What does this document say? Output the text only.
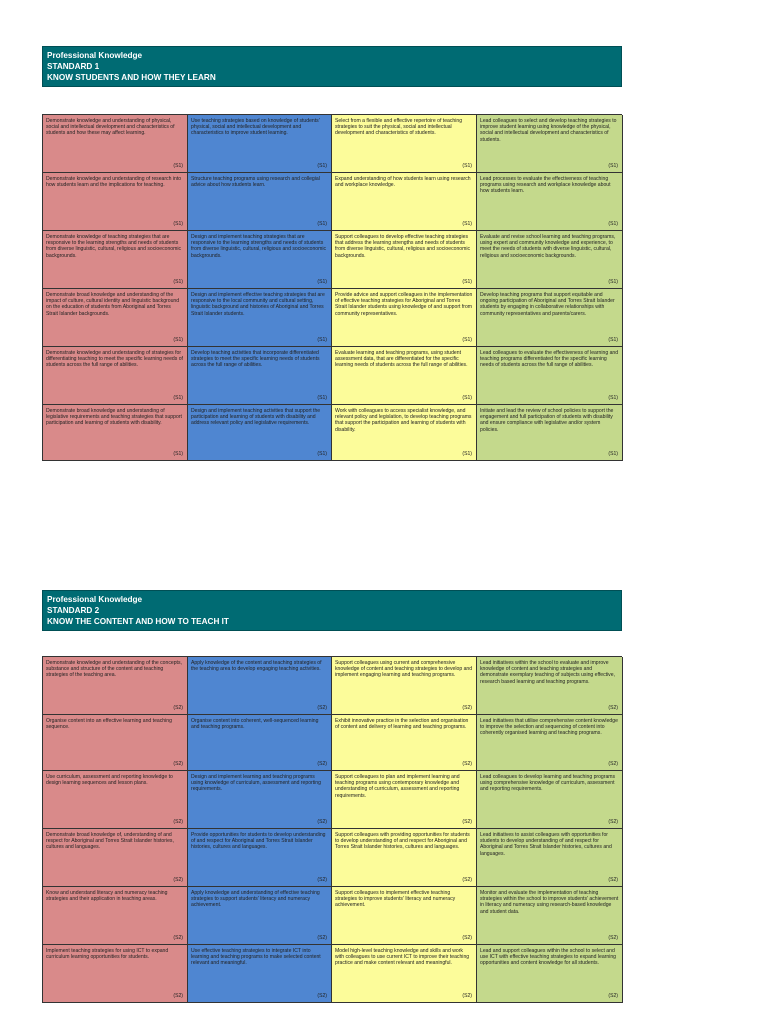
Professional Knowledge
STANDARD 1
KNOW STUDENTS AND HOW THEY LEARN
Demonstrate knowledge and understanding of physical, social and intellectual development and characteristics of students and how these may affect learning.
(S1)
Use teaching strategies based on knowledge of students' physical, social and intellectual development and characteristics to improve student learning.
(S1)
Select from a flexible and effective repertoire of teaching strategies to suit the physical, social and intellectual development and characteristics of students.
(S1)
Lead colleagues to select and develop teaching strategies to improve student learning using knowledge of the physical, social and intellectual development and characteristics of students.
(S1)
Demonstrate knowledge and understanding of research into how students learn and the implications for teaching.
(S1)
Structure teaching programs using research and collegial advice about how students learn.
(S1)
Expand understanding of how students learn using research and workplace knowledge.
(S1)
Lead processes to evaluate the effectiveness of teaching programs using research and workplace knowledge about how students learn.
(S1)
Demonstrate knowledge of teaching strategies that are responsive to the learning strengths and needs of students from diverse linguistic, cultural, religious and socioeconomic backgrounds.
(S1)
Design and implement teaching strategies that are responsive to the learning strengths and needs of students from diverse linguistic, cultural, religious and socioeconomic backgrounds.
(S1)
Support colleagues to develop effective teaching strategies that address the learning strengths and needs of students from diverse linguistic, cultural, religious and socioeconomic backgrounds.
(S1)
Evaluate and revise school learning and teaching programs, using expert and community knowledge and experience, to meet the needs of students with diverse linguistic, cultural, religious and socioeconomic backgrounds.
(S1)
Demonstrate broad knowledge and understanding of the impact of culture, cultural identity and linguistic background on the education of students from Aboriginal and Torres Strait Islander backgrounds.
(S1)
Design and implement effective teaching strategies that are responsive to the local community and cultural setting, linguistic background and histories of Aboriginal and Torres Strait Islander students.
(S1)
Provide advice and support colleagues in the implementation of effective teaching strategies for Aboriginal and Torres Strait Islander students using knowledge of and support from community representatives.
(S1)
Develop teaching programs that support equitable and ongoing participation of Aboriginal and Torres Strait Islander students by engaging in collaborative relationships with community representatives and parents/carers.
(S1)
Demonstrate knowledge and understanding of strategies for differentiating teaching to meet the specific learning needs of students across the full range of abilities.
(S1)
Develop teaching activities that incorporate differentiated strategies to meet the specific learning needs of students across the full range of abilities.
(S1)
Evaluate learning and teaching programs, using student assessment data, that are differentiated for the specific learning needs of students across the full range of abilities.
(S1)
Lead colleagues to evaluate the effectiveness of learning and teaching programs differentiated for the specific learning needs of students across the full range of abilities.
(S1)
Demonstrate broad knowledge and understanding of legislative requirements and teaching strategies that support participation and learning of students with disability.
(S1)
Design and implement teaching activities that support the participation and learning of students with disability and address relevant policy and legislative requirements.
(S1)
Work with colleagues to access specialist knowledge, and relevant policy and legislation, to develop teaching programs that support the participation and learning of students with disability.
(S1)
Initiate and lead the review of school policies to support the engagement and full participation of students with disability and ensure compliance with legislative and/or system policies.
(S1)
Professional Knowledge
STANDARD 2
KNOW THE CONTENT AND HOW TO TEACH IT
Demonstrate knowledge and understanding of the concepts, substance and structure of the content and teaching strategies of the teaching area.
(S2)
Apply knowledge of the content and teaching strategies of the teaching area to develop engaging teaching activities.
(S2)
Support colleagues using current and comprehensive knowledge of content and teaching strategies to develop and implement engaging learning and teaching programs.
(S2)
Lead initiatives within the school to evaluate and improve knowledge of content and teaching strategies and demonstrate exemplary teaching of subjects using effective, research based learning and teaching programs.
(S2)
Organise content into an effective learning and teaching sequence.
(S2)
Organise content into coherent, well-sequenced learning and teaching programs.
(S2)
Exhibit innovative practice in the selection and organisation of content and delivery of learning and teaching programs.
(S2)
Lead initiatives that utilise comprehensive content knowledge to improve the selection and sequencing of content into coherently organised learning and teaching programs.
(S2)
Use curriculum, assessment and reporting knowledge to design learning sequences and lesson plans.
(S2)
Design and implement learning and teaching programs using knowledge of curriculum, assessment and reporting requirements.
(S2)
Support colleagues to plan and implement learning and teaching programs using contemporary knowledge and understanding of curriculum, assessment and reporting requirements.
(S2)
Lead colleagues to develop learning and teaching programs using comprehensive knowledge of curriculum, assessment and reporting requirements.
(S2)
Demonstrate broad knowledge of, understanding of and respect for Aboriginal and Torres Strait Islander histories, cultures and languages.
(S2)
Provide opportunities for students to develop understanding of and respect for Aboriginal and Torres Strait Islander histories, cultures and languages.
(S2)
Support colleagues with providing opportunities for students to develop understanding of and respect for Aboriginal and Torres Strait Islander histories, cultures and languages.
(S2)
Lead initiatives to assist colleagues with opportunities for students to develop understanding of and respect for Aboriginal and Torres Strait Islander histories, cultures and languages.
(S2)
Know and understand literacy and numeracy teaching strategies and their application in teaching areas.
(S2)
Apply knowledge and understanding of effective teaching strategies to support students' literacy and numeracy achievement.
(S2)
Support colleagues to implement effective teaching strategies to improve students' literacy and numeracy achievement.
(S2)
Monitor and evaluate the implementation of teaching strategies within the school to improve students' achievement in literacy and numeracy using research-based knowledge and student data.
(S2)
Implement teaching strategies for using ICT to expand curriculum learning opportunities for students.
(S2)
Use effective teaching strategies to integrate ICT into learning and teaching programs to make selected content relevant and meaningful.
(S2)
Model high-level teaching knowledge and skills and work with colleagues to use current ICT to improve their teaching practice and make content relevant and meaningful.
(S2)
Lead and support colleagues within the school to select and use ICT with effective teaching strategies to expand learning opportunities and content knowledge for all students.
(S2)
